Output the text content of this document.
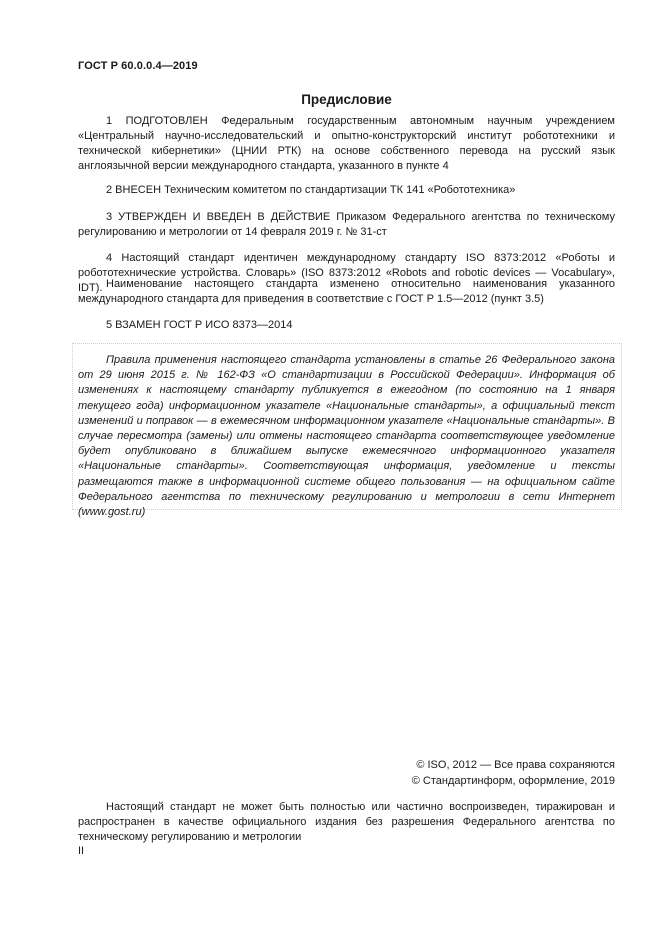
ГОСТ Р 60.0.0.4—2019
Предисловие

1 ПОДГОТОВЛЕН Федеральным государственным автономным научным учреждением «Центральный научно-исследовательский и опытно-конструкторский институт робототехники и технической кибернетики» (ЦНИИ РТК) на основе собственного перевода на русский язык англоязычной версии международного стандарта, указанного в пункте 4

2 ВНЕСЕН Техническим комитетом по стандартизации ТК 141 «Робототехника»

3 УТВЕРЖДЕН И ВВЕДЕН В ДЕЙСТВИЕ Приказом Федерального агентства по техническому регулированию и метрологии от 14 февраля 2019 г. № 31-ст

4 Настоящий стандарт идентичен международному стандарту ISO 8373:2012 «Роботы и робототехнические устройства. Словарь» (ISO 8373:2012 «Robots and robotic devices — Vocabulary», IDT). Наименование настоящего стандарта изменено относительно наименования указанного международного стандарта для приведения в соответствие с ГОСТ Р 1.5—2012 (пункт 3.5)

5 ВЗАМЕН ГОСТ Р ИСО 8373—2014

Правила применения настоящего стандарта установлены в статье 26 Федерального закона от 29 июня 2015 г. № 162-ФЗ «О стандартизации в Российской Федерации». Информация об изменениях к настоящему стандарту публикуется в ежегодном (по состоянию на 1 января текущего года) информационном указателе «Национальные стандарты», а официальный текст изменений и поправок — в ежемесячном информационном указателе «Национальные стандарты». В случае пересмотра (замены) или отмены настоящего стандарта соответствующее уведомление будет опубликовано в ближайшем выпуске ежемесячного информационного указателя «Национальные стандарты». Соответствующая информация, уведомление и тексты размещаются также в информационной системе общего пользования — на официальном сайте Федерального агентства по техническому регулированию и метрологии в сети Интернет (www.gost.ru)

© ISO, 2012 — Все права сохраняются
© Стандартинформ, оформление, 2019

Настоящий стандарт не может быть полностью или частично воспроизведен, тиражирован и распространен в качестве официального издания без разрешения Федерального агентства по техническому регулированию и метрологии

II
